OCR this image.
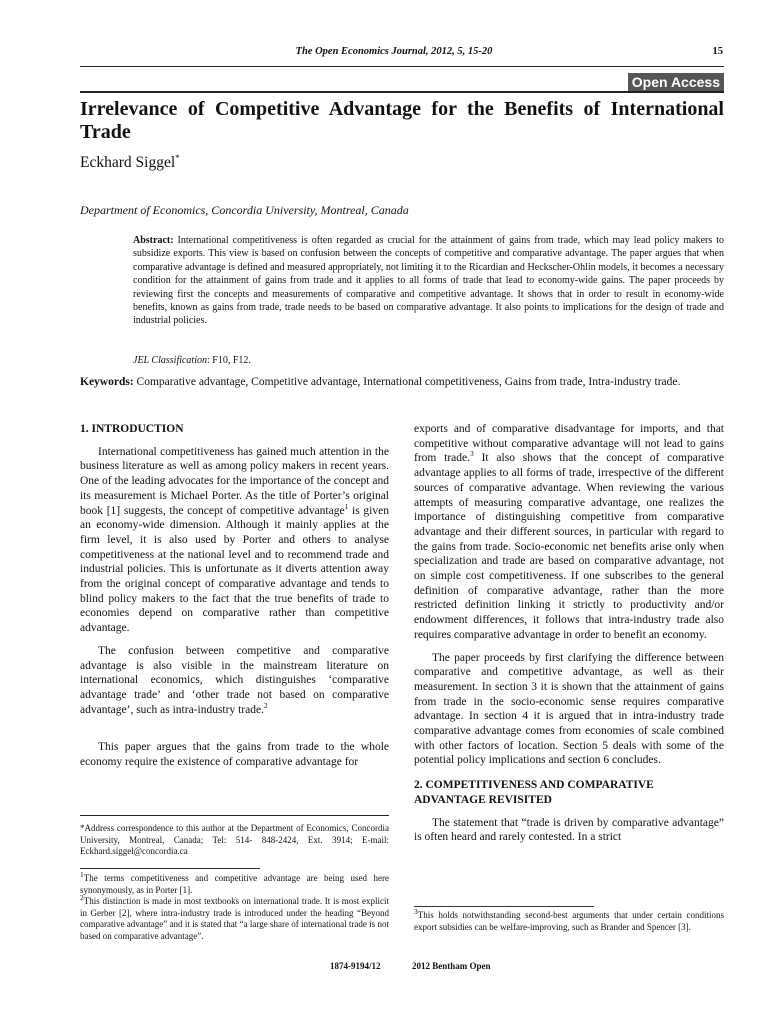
The Open Economics Journal, 2012, 5, 15-20	15
Open Access
Irrelevance of Competitive Advantage for the Benefits of International Trade
Eckhard Siggel*
Department of Economics, Concordia University, Montreal, Canada
Abstract: International competitiveness is often regarded as crucial for the attainment of gains from trade, which may lead policy makers to subsidize exports. This view is based on confusion between the concepts of competitive and comparative advantage. The paper argues that when comparative advantage is defined and measured appropriately, not limiting it to the Ricardian and Heckscher-Ohlin models, it becomes a necessary condition for the attainment of gains from trade and it applies to all forms of trade that lead to economy-wide gains. The paper proceeds by reviewing first the concepts and measurements of comparative and competitive advantage. It shows that in order to result in economy-wide benefits, known as gains from trade, trade needs to be based on comparative advantage. It also points to implications for the design of trade and industrial policies.
JEL Classification: F10, F12.
Keywords: Comparative advantage, Competitive advantage, International competitiveness, Gains from trade, Intra-industry trade.
1. INTRODUCTION

International competitiveness has gained much attention in the business literature as well as among policy makers in recent years. One of the leading advocates for the importance of the concept and its measurement is Michael Porter. As the title of Porter’s original book [1] suggests, the concept of competitive advantage$^1$ is given an economy-wide dimension. Although it mainly applies at the firm level, it is also used by Porter and others to analyse competitiveness at the national level and to recommend trade and industrial policies. This is unfortunate as it diverts attention away from the original concept of comparative advantage and tends to blind policy makers to the fact that the true benefits of trade to economies depend on comparative rather than competitive advantage.

The confusion between competitive and comparative advantage is also visible in the mainstream literature on international economics, which distinguishes ‘comparative advantage trade’ and ‘other trade not based on comparative advantage’, such as intra-industry trade.$^2$

This paper argues that the gains from trade to the whole economy require the existence of comparative advantage for

*Address correspondence to this author at the Department of Economics, Concordia University, Montreal, Canada; Tel: 514- 848-2424, Ext. 3914; E-mail: Eckhard.siggel@concordia.ca
$^1$The terms competitiveness and competitive advantage are being used here synonymously, as in Porter [1].
$^2$This distinction is made in most textbooks on international trade. It is most explicit in Gerber [2], where intra-industry trade is introduced under the heading “Beyond comparative advantage” and it is stated that “a large share of international trade is not based on comparative advantage”.

exports and of comparative disadvantage for imports, and that competitive without comparative advantage will not lead to gains from trade.$^3$ It also shows that the concept of comparative advantage applies to all forms of trade, irrespective of the different sources of comparative advantage. When reviewing the various attempts of measuring comparative advantage, one realizes the importance of distinguishing competitive from comparative advantage and their different sources, in particular with regard to the gains from trade. Socio-economic net benefits arise only when specialization and trade are based on comparative advantage, not on simple cost competitiveness. If one subscribes to the general definition of comparative advantage, rather than the more restricted definition linking it strictly to productivity and/or endowment differences, it follows that intra-industry trade also requires comparative advantage in order to benefit an economy.

The paper proceeds by first clarifying the difference between comparative and competitive advantage, as well as their measurement. In section 3 it is shown that the attainment of gains from trade in the socio-economic sense requires comparative advantage. In section 4 it is argued that in intra-industry trade comparative advantage comes from economies of scale combined with other factors of location. Section 5 deals with some of the potential policy implications and section 6 concludes.

2. COMPETITIVENESS AND COMPARATIVE ADVANTAGE REVISITED

The statement that “trade is driven by comparative advantage” is often heard and rarely contested. In a strict

$^3$This holds notwithstanding second-best arguments that under certain conditions export subsidies can be welfare-improving, such as Brander and Spencer [3].
1874-9194/12	2012 Bentham Open
